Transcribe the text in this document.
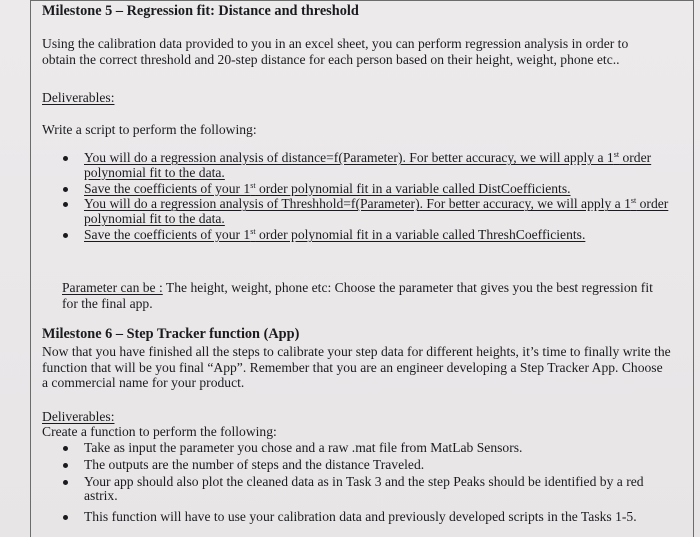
Milestone 5 – Regression fit: Distance and threshold
Using the calibration data provided to you in an excel sheet, you can perform regression analysis in order to obtain the correct threshold and 20-step distance for each person based on their height, weight, phone etc..
Deliverables:
Write a script to perform the following:
You will do a regression analysis of distance=f(Parameter). For better accuracy, we will apply a 1st order polynomial fit to the data.
Save the coefficients of your 1st order polynomial fit in a variable called DistCoefficients.
You will do a regression analysis of Threshhold=f(Parameter). For better accuracy, we will apply a 1st order polynomial fit to the data.
Save the coefficients of your 1st order polynomial fit in a variable called ThreshCoefficients.
Parameter can be : The height, weight, phone etc: Choose the parameter that gives you the best regression fit for the final app.
Milestone 6 – Step Tracker function (App)
Now that you have finished all the steps to calibrate your step data for different heights, it’s time to finally write the function that will be you final “App”. Remember that you are an engineer developing a Step Tracker App. Choose a commercial name for your product.
Deliverables:
Create a function to perform the following:
Take as input the parameter you chose and a raw .mat file from MatLab Sensors.
The outputs are the number of steps and the distance Traveled.
Your app should also plot the cleaned data as in Task 3 and the step Peaks should be identified by a red astrix.
This function will have to use your calibration data and previously developed scripts in the Tasks 1-5.
